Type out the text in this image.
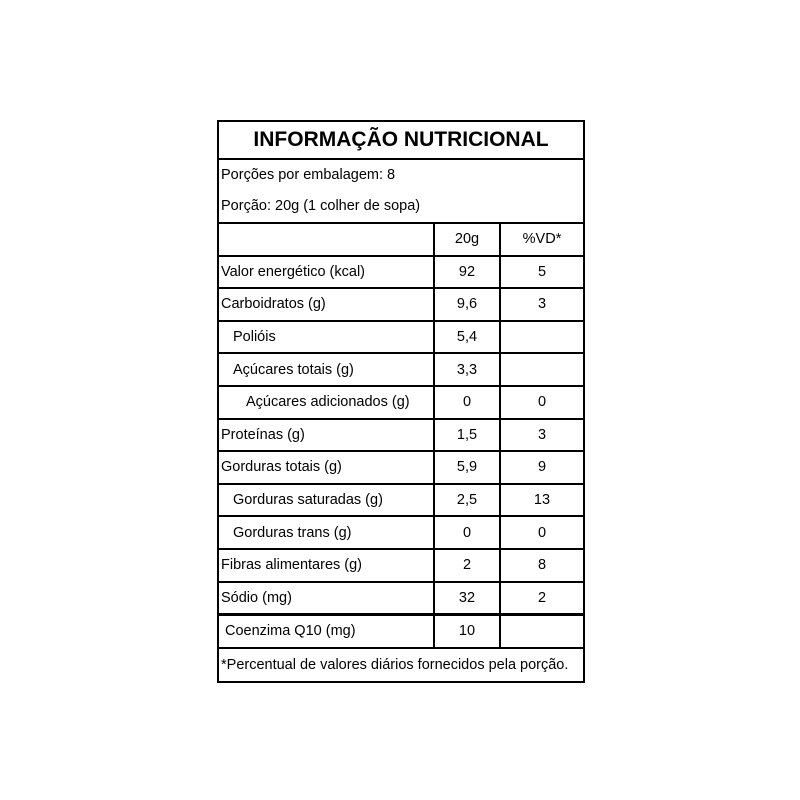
INFORMAÇÃO NUTRICIONAL
Porções por embalagem: 8
Porção: 20g (1 colher de sopa)
	20g	%VD*
Valor energético (kcal)	92	5
Carboidratos (g)	9,6	3
Polióis	5,4	
Açúcares totais (g)	3,3	
Açúcares adicionados (g)	0	0
Proteínas (g)	1,5	3
Gorduras totais (g)	5,9	9
Gorduras saturadas (g)	2,5	13
Gorduras trans (g)	0	0
Fibras alimentares (g)	2	8
Sódio (mg)	32	2
Coenzima Q10 (mg)	10	
*Percentual de valores diários fornecidos pela porção.
